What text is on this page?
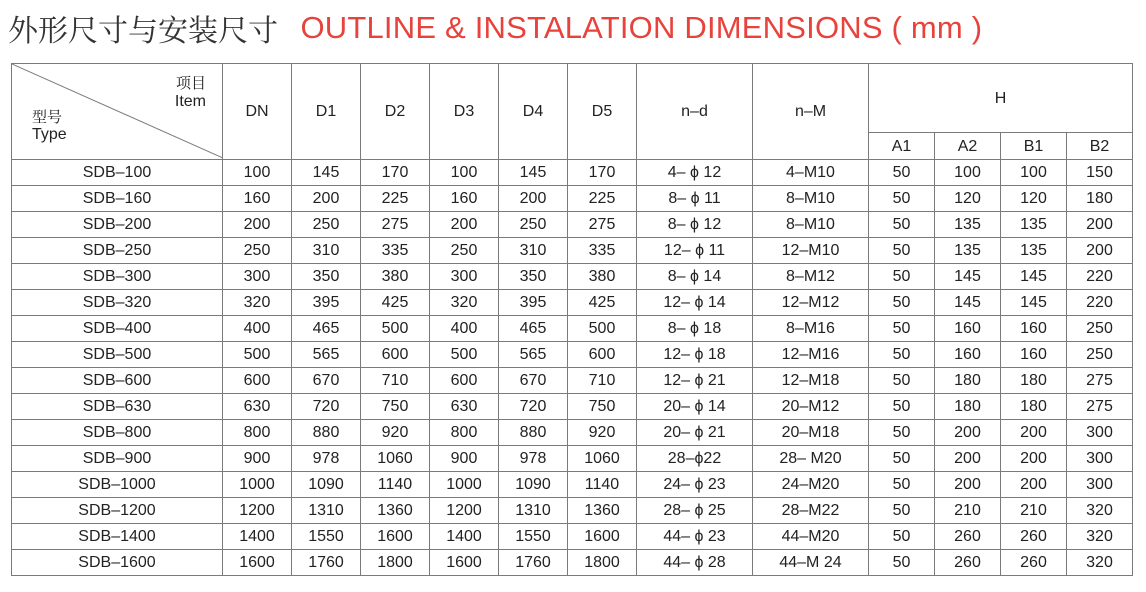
外形尺寸与安装尺寸 OUTLINE & INSTALATION DIMENSIONS ( mm )
项目
Item
型号
Type	DN	D1	D2	D3	D4	D5	n–d	n–M	H			
									A1	A2	B1	B2
SDB–100	100	145	170	100	145	170	4– ϕ 12	4–M10	50	100	100	150
SDB–160	160	200	225	160	200	225	8– ϕ 11	8–M10	50	120	120	180
SDB–200	200	250	275	200	250	275	8– ϕ 12	8–M10	50	135	135	200
SDB–250	250	310	335	250	310	335	12– ϕ 11	12–M10	50	135	135	200
SDB–300	300	350	380	300	350	380	8– ϕ 14	8–M12	50	145	145	220
SDB–320	320	395	425	320	395	425	12– ϕ 14	12–M12	50	145	145	220
SDB–400	400	465	500	400	465	500	8– ϕ 18	8–M16	50	160	160	250
SDB–500	500	565	600	500	565	600	12– ϕ 18	12–M16	50	160	160	250
SDB–600	600	670	710	600	670	710	12– ϕ 21	12–M18	50	180	180	275
SDB–630	630	720	750	630	720	750	20– ϕ 14	20–M12	50	180	180	275
SDB–800	800	880	920	800	880	920	20– ϕ 21	20–M18	50	200	200	300
SDB–900	900	978	1060	900	978	1060	28–ϕ22	28– M20	50	200	200	300
SDB–1000	1000	1090	1140	1000	1090	1140	24– ϕ 23	24–M20	50	200	200	300
SDB–1200	1200	1310	1360	1200	1310	1360	28– ϕ 25	28–M22	50	210	210	320
SDB–1400	1400	1550	1600	1400	1550	1600	44– ϕ 23	44–M20	50	260	260	320
SDB–1600	1600	1760	1800	1600	1760	1800	44– ϕ 28	44–M 24	50	260	260	320
